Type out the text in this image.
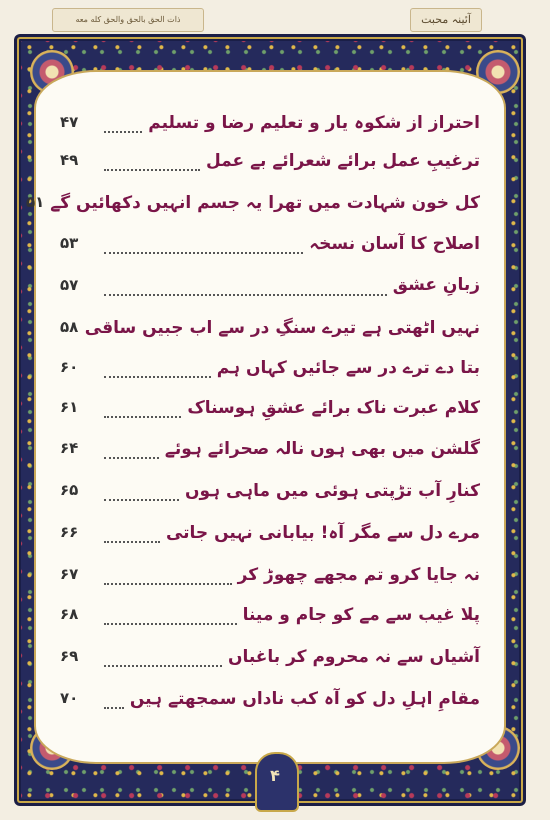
ذات الحق بالحق والحق كله معه	آئینہ محبت
احتراز از شکوہ یار و تعلیم رضا و تسلیم
۴۷
ترغیبِ عمل برائے شعرائے بے عمل
۴۹
کل خون شہادت میں تھرا یہ جسم انہیں دکھائیں گے
۵۱
اصلاح کا آسان نسخہ
۵۳
زبانِ عشق
۵۷
نہیں اٹھتی ہے تیرے سنگِ در سے اب جبیں ساقی
۵۸
بتا دے ترے در سے جائیں کہاں ہم
۶۰
کلام عبرت ناک برائے عشقِ ہوسناک
۶۱
گلشن میں بھی ہوں نالہ صحرائے ہوئے
۶۴
کنارِ آب تڑپتی ہوئی میں ماہی ہوں
۶۵
مرے دل سے مگر آہ! بیابانی نہیں جاتی
۶۶
نہ جایا کرو تم مجھے چھوڑ کر
۶۷
پلا غیب سے مے کو جام و مینا
۶۸
آشیاں سے نہ محروم کر باغباں
۶۹
مقامِ اہلِ دل کو آہ کب ناداں سمجھتے ہیں
۷۰
۴
